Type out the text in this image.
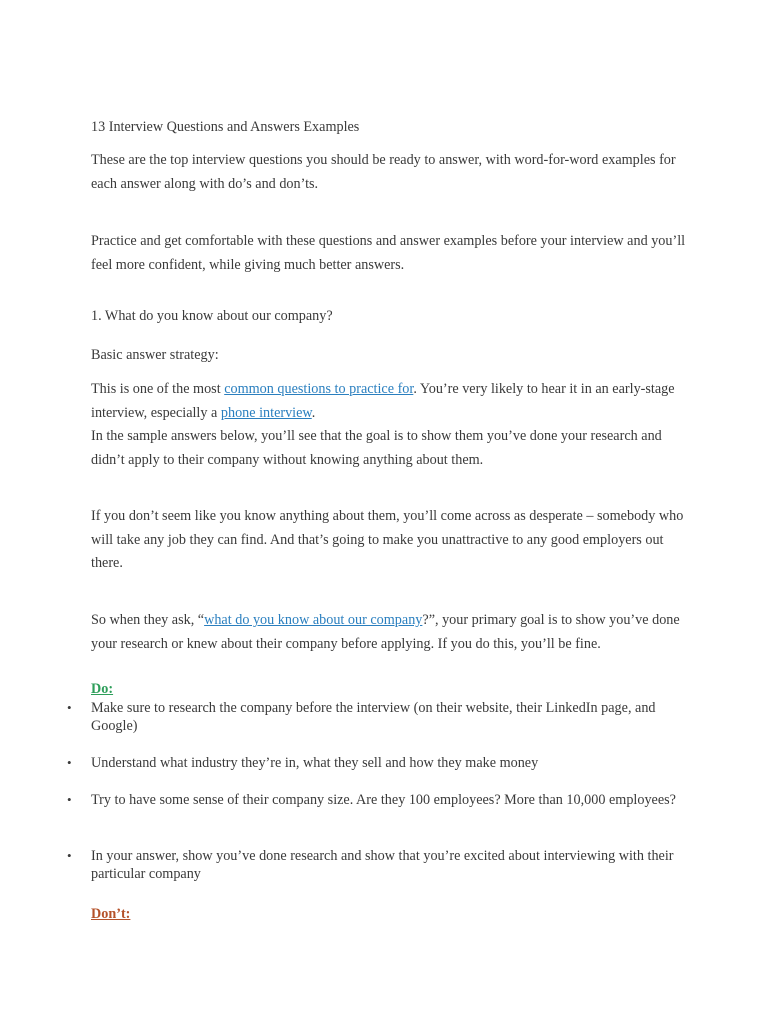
13 Interview Questions and Answers Examples

These are the top interview questions you should be ready to answer, with word-for-word examples for each answer along with do’s and don’ts.

Practice and get comfortable with these questions and answer examples before your interview and you’ll feel more confident, while giving much better answers.

1. What do you know about our company?

Basic answer strategy:

This is one of the most common questions to practice for. You’re very likely to hear it in an early-stage interview, especially a phone interview.
In the sample answers below, you’ll see that the goal is to show them you’ve done your research and didn’t apply to their company without knowing anything about them.

If you don’t seem like you know anything about them, you’ll come across as desperate – somebody who will take any job they can find. And that’s going to make you unattractive to any good employers out there.

So when they ask, “what do you know about our company?”, your primary goal is to show you’ve done your research or knew about their company before applying. If you do this, you’ll be fine.

Do:
• Make sure to research the company before the interview (on their website, their LinkedIn page, and Google)
• Understand what industry they’re in, what they sell and how they make money
• Try to have some sense of their company size. Are they 100 employees? More than 10,000 employees?
• In your answer, show you’ve done research and show that you’re excited about interviewing with their particular company
Don’t:
